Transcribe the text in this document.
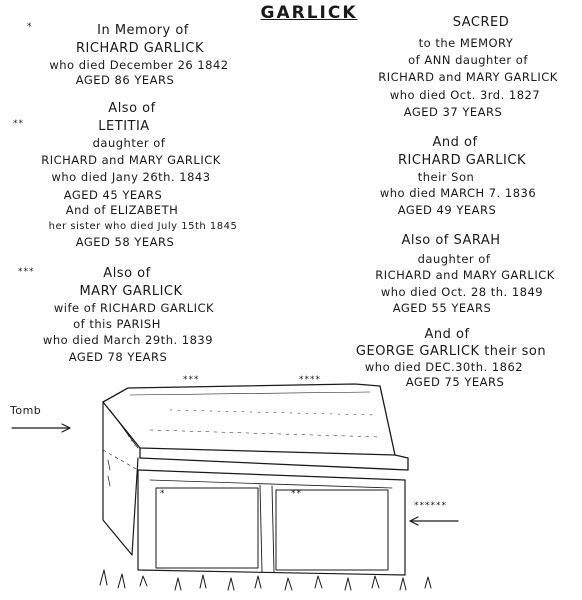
GARLICK
In Memory of
RICHARD GARLICK
who died December 26 1842
AGED 86 YEARS
Also of
LETITIA
daughter of
RICHARD and MARY GARLICK
who died Jany 26th. 1843
AGED 45 YEARS
And of ELIZABETH
her sister who died July 15th 1845
AGED 58 YEARS
Also of
MARY GARLICK
wife of RICHARD GARLICK
of this PARISH
who died March 29th. 1839
AGED 78 YEARS
SACRED
to the MEMORY
of ANN daughter of
RICHARD and MARY GARLICK
who died Oct. 3rd. 1827
AGED 37 YEARS
And of
RICHARD GARLICK
their Son
who died MARCH 7. 1836
AGED 49 YEARS
Also of SARAH
daughter of
RICHARD and MARY GARLICK
who died Oct. 28 th. 1849
AGED 55 YEARS
And of
GEORGE GARLICK their son
who died DEC.30th. 1862
AGED 75 YEARS
*
**
***
***	****
*	**
******
Tomb
